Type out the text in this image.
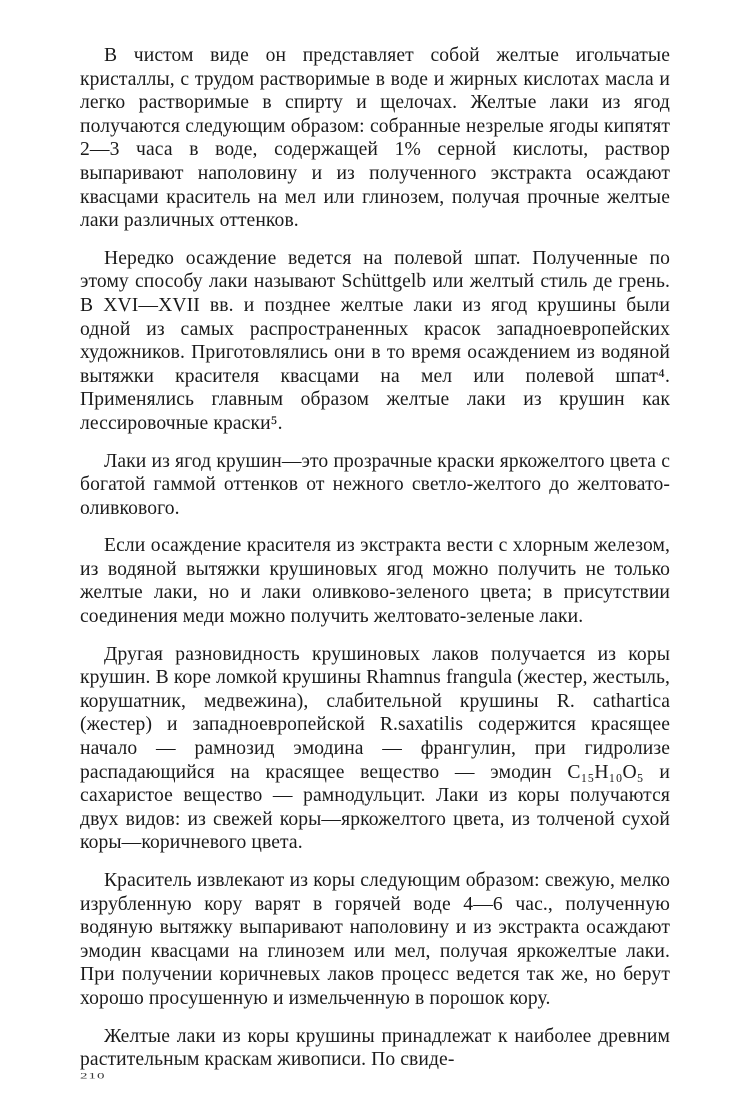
В чистом виде он представляет собой желтые игольчатые кристаллы, с трудом растворимые в воде и жирных кислотах масла и легко растворимые в спирту и щелочах. Желтые лаки из ягод получаются следующим образом: собранные незрелые ягоды кипятят 2—3 часа в воде, содержащей 1% серной кислоты, раствор выпаривают наполовину и из полученного экстракта осаждают квасцами краситель на мел или глинозем, получая прочные желтые лаки различных оттенков.

Нередко осаждение ведется на полевой шпат. Полученные по этому способу лаки называют Schüttgelb или желтый стиль де грень. В XVI—XVII вв. и позднее желтые лаки из ягод крушины были одной из самых распространенных красок западноевропейских художников. Приготовлялись они в то время осаждением из водяной вытяжки красителя квасцами на мел или полевой шпат⁴. Применялись главным образом желтые лаки из крушин как лессировочные краски⁵.

Лаки из ягод крушин—это прозрачные краски яркожелтого цвета с богатой гаммой оттенков от нежного светло-желтого до желтовато-оливкового.

Если осаждение красителя из экстракта вести с хлорным железом, из водяной вытяжки крушиновых ягод можно получить не только желтые лаки, но и лаки оливково-зеленого цвета; в присутствии соединения меди можно получить желтовато-зеленые лаки.

Другая разновидность крушиновых лаков получается из коры крушин. В коре ломкой крушины Rhamnus frangula (жестер, жестыль, корушатник, медвежина), слабительной крушины R. cathartica (жестер) и западноевропейской R.saxatilis содержится красящее начало — рамнозид эмодина — франгулин, при гидролизе распадающийся на красящее вещество — эмодин C₁₅H₁₀O₅ и сахаристое вещество — рамнодульцит. Лаки из коры получаются двух видов: из свежей коры—яркожелтого цвета, из толченой сухой коры—коричневого цвета.

Краситель извлекают из коры следующим образом: свежую, мелко изрубленную кору варят в горячей воде 4—6 час., полученную водяную вытяжку выпаривают наполовину и из экстракта осаждают эмодин квасцами на глинозем или мел, получая яркожелтые лаки. При получении коричневых лаков процесс ведется так же, но берут хорошо просушенную и измельченную в порошок кору.

Желтые лаки из коры крушины принадлежат к наиболее древним растительным краскам живописи. По свиде-

210
